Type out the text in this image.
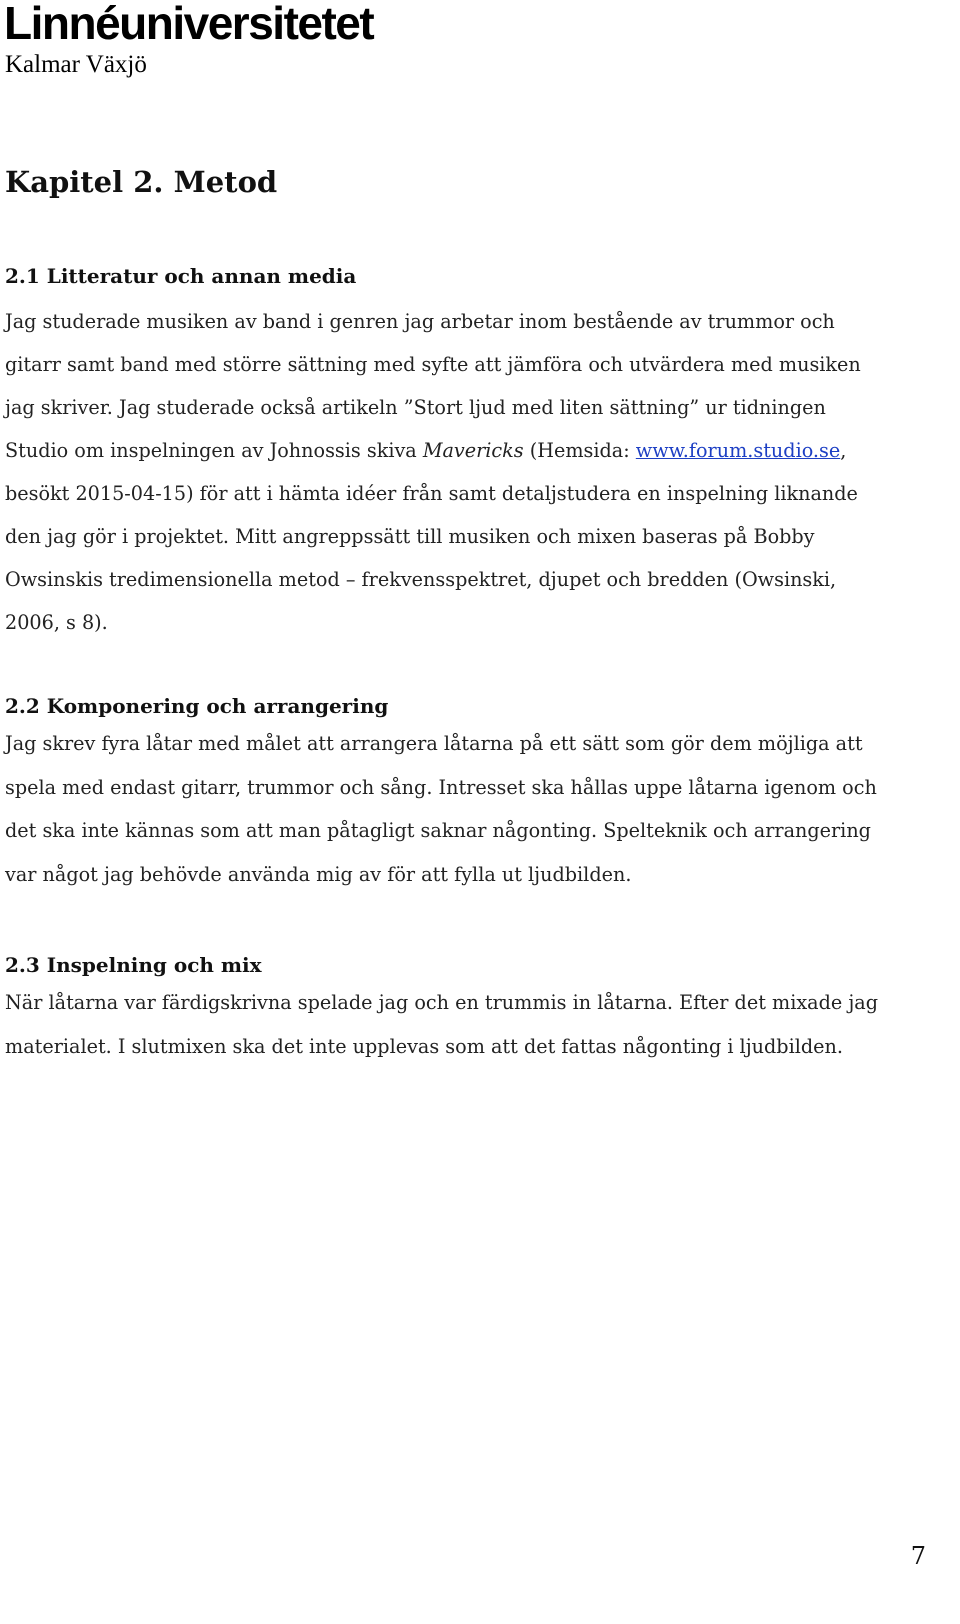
Linnéuniversitetet
Kalmar Växjö
Kapitel 2. Metod
2.1 Litteratur och annan media

Jag studerade musiken av band i genren jag arbetar inom bestående av trummor och

gitarr samt band med större sättning med syfte att jämföra och utvärdera med musiken

jag skriver. Jag studerade också artikeln ”Stort ljud med liten sättning” ur tidningen

Studio om inspelningen av Johnossis skiva Mavericks (Hemsida: www.forum.studio.se,

besökt 2015-04-15) för att i hämta idéer från samt detaljstudera en inspelning liknande

den jag gör i projektet. Mitt angreppssätt till musiken och mixen baseras på Bobby

Owsinskis tredimensionella metod – frekvensspektret, djupet och bredden (Owsinski,

2006, s 8).

2.2 Komponering och arrangering

Jag skrev fyra låtar med målet att arrangera låtarna på ett sätt som gör dem möjliga att

spela med endast gitarr, trummor och sång. Intresset ska hållas uppe låtarna igenom och

det ska inte kännas som att man påtagligt saknar någonting. Spelteknik och arrangering

var något jag behövde använda mig av för att fylla ut ljudbilden.

2.3 Inspelning och mix

När låtarna var färdigskrivna spelade jag och en trummis in låtarna. Efter det mixade jag

materialet. I slutmixen ska det inte upplevas som att det fattas någonting i ljudbilden.

7
